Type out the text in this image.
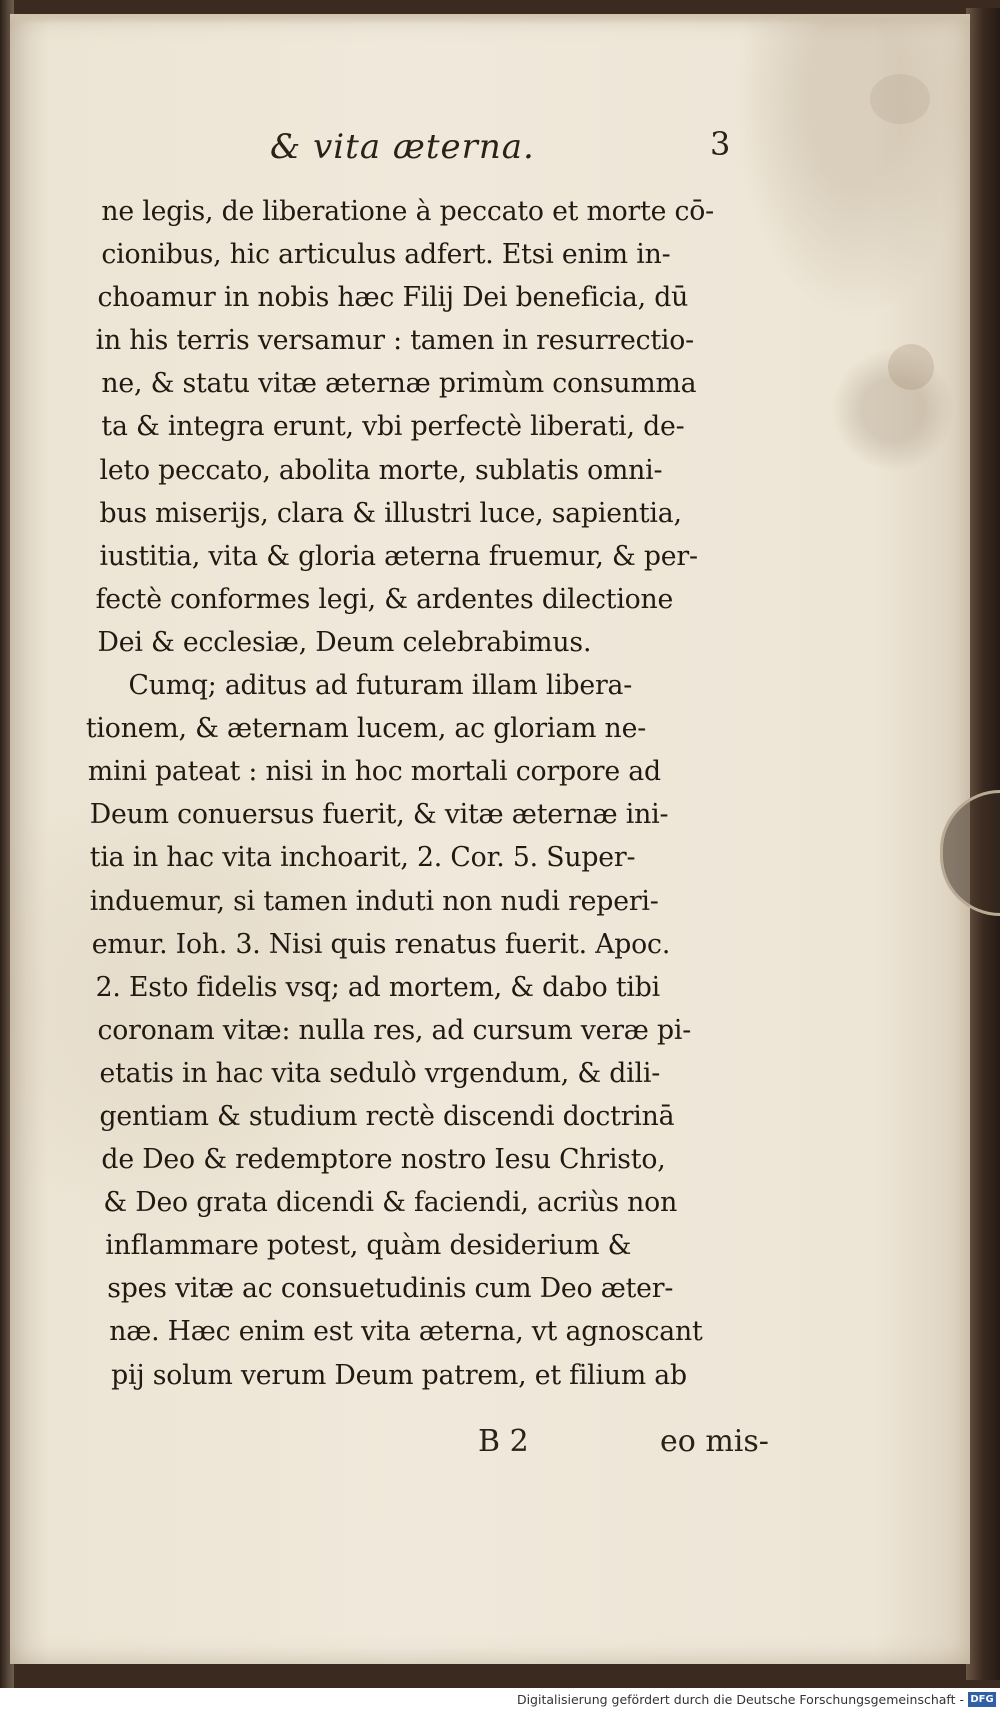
& vita æterna.	3
ne legis, de liberatione à peccato et morte cō-
cionibus, hic articulus adfert. Etsi enim in-
choamur in nobis hæc Filij Dei beneficia, dū
in his terris versamur : tamen in resurrectio-
ne, & statu vitæ æternæ primùm consumma
ta & integra erunt, vbi perfectè liberati, de-
leto peccato, abolita morte, sublatis omni-
bus miserijs, clara & illustri luce, sapientia,
iustitia, vita & gloria æterna fruemur, & per-
fectè conformes legi, & ardentes dilectione
Dei & ecclesiæ, Deum celebrabimus.
Cumq; aditus ad futuram illam libera-
tionem, & æternam lucem, ac gloriam ne-
mini pateat : nisi in hoc mortali corpore ad
Deum conuersus fuerit, & vitæ æternæ ini-
tia in hac vita inchoarit, 2. Cor. 5. Super-
induemur, si tamen induti non nudi reperi-
emur. Ioh. 3. Nisi quis renatus fuerit. Apoc.
2. Esto fidelis vsq; ad mortem, & dabo tibi
coronam vitæ: nulla res, ad cursum veræ pi-
etatis in hac vita sedulò vrgendum, & dili-
gentiam & studium rectè discendi doctrinā
de Deo & redemptore nostro Iesu Christo,
& Deo grata dicendi & faciendi, acriùs non
inflammare potest, quàm desiderium &
spes vitæ ac consuetudinis cum Deo æter-
næ. Hæc enim est vita æterna, vt agnoscant
pij solum verum Deum patrem, et filium ab
B 2	eo mis-
Digitalisierung gefördert durch die Deutsche Forschungsgemeinschaft - DFG
